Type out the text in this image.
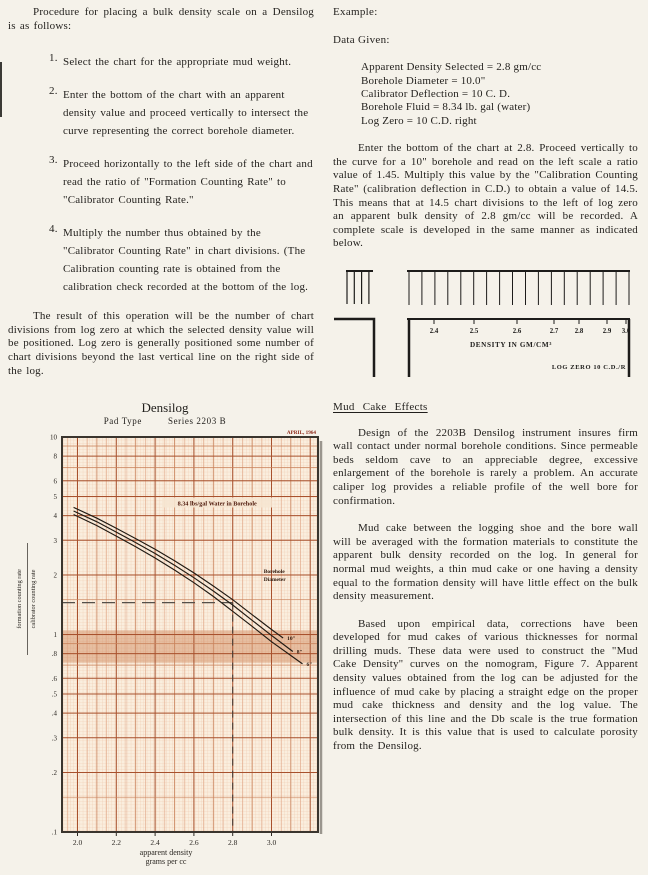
Procedure for placing a bulk density scale on a Densilog is as follows:

1. Select the chart for the appropriate mud weight.
2. Enter the bottom of the chart with an apparent density value and proceed vertically to intersect the curve representing the correct borehole diameter.
3. Proceed horizontally to the left side of the chart and read the ratio of "Formation Counting Rate" to "Calibrator Counting Rate."
4. Multiply the number thus obtained by the "Calibrator Counting Rate" in chart divisions. (The Calibration counting rate is obtained from the calibration check recorded at the bottom of the log.

The result of this operation will be the number of chart divisions from log zero at which the selected density value will be positioned. Log zero is generally positioned some number of chart divisions beyond the last vertical line on the right side of the log.

Densilog
Pad Type	Series 2203 B
10
8
6
5
4
3
2
1
.8
.6
.5
.4
.3
.2
.1
2.0	2.2	2.4	2.6	2.8	3.0
10"
8"
6"
Borehole
Diameter
8.34 lbs/gal Water in Borehole
APRIL, 1964
formation counting rate calibrator counting rate
apparent density
grams per cc

Example:

Data Given:

Apparent Density Selected = 2.8 gm/cc
Borehole Diameter = 10.0"
Calibrator Deflection = 10 C. D.
Borehole Fluid = 8.34 lb. gal (water)
Log Zero = 10 C.D. right

Enter the bottom of the chart at 2.8. Proceed vertically to the curve for a 10" borehole and read on the left scale a ratio value of 1.45. Multiply this value by the "Calibration Counting Rate" (calibration deflection in C.D.) to obtain a value of 14.5. This means that at 14.5 chart divisions to the left of log zero an apparent bulk density of 2.8 gm/cc will be recorded. A complete scale is developed in the same manner as indicated below.

2.4	2.5	2.6	2.7 2.8	2.9 3.0
DENSITY IN GM/CM³
LOG ZERO 10 C.D./R

Mud Cake Effects

Design of the 2203B Densilog instrument insures firm wall contact under normal borehole conditions. Since permeable beds seldom cave to an appreciable degree, excessive enlargement of the borehole is rarely a problem. An accurate caliper log provides a reliable profile of the well bore for confirmation.

Mud cake between the logging shoe and the bore wall will be averaged with the formation materials to constitute the apparent bulk density recorded on the log. In general for normal mud weights, a thin mud cake or one having a density equal to the formation density will have little effect on the bulk density measurement.

Based upon empirical data, corrections have been developed for mud cakes of various thicknesses for normal drilling muds. These data were used to construct the "Mud Cake Density" curves on the nomogram, Figure 7. Apparent density values obtained from the log can be adjusted for the influence of mud cake by placing a straight edge on the proper mud cake thickness and density and the log value. The intersection of this line and the Db scale is the true formation bulk density. It is this value that is used to calculate porosity from the Densilog.
